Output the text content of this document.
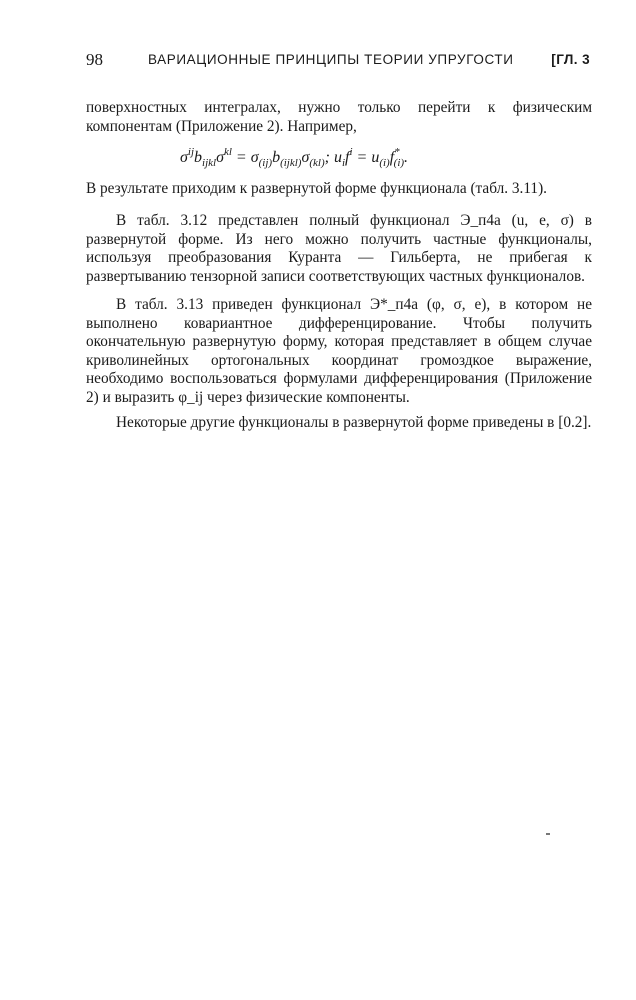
98	ВАРИАЦИОННЫЕ ПРИНЦИПЫ ТЕОРИИ УПРУГОСТИ	[ГЛ. 3
поверхностных интегралах, нужно только перейти к физическим компонентам (Приложение 2). Например,
$\sigma^{ij}b_{ijkl}\sigma^{kl} = \sigma_{(ij)}b_{(ijkl)}\sigma_{(kl)}$; $u_if^i = u_{(i)}f^*$ (i).
В результате приходим к развернутой форме функционала (табл. 3.11).
В табл. 3.12 представлен полный функционал Э_п4а (u, e, σ) в развернутой форме. Из него можно получить частные функционалы, используя преобразования Куранта — Гильберта, не прибегая к развертыванию тензорной записи соответствующих частных функционалов.
В табл. 3.13 приведен функционал Э*_п4а (φ, σ, e), в котором не выполнено ковариантное дифференцирование. Чтобы получить окончательную развернутую форму, которая представляет в общем случае криволинейных ортогональных координат громоздкое выражение, необходимо воспользоваться формулами дифференцирования (Приложение 2) и выразить φ_ij через физические компоненты.
Некоторые другие функционалы в развернутой форме приведены в [0.2].
